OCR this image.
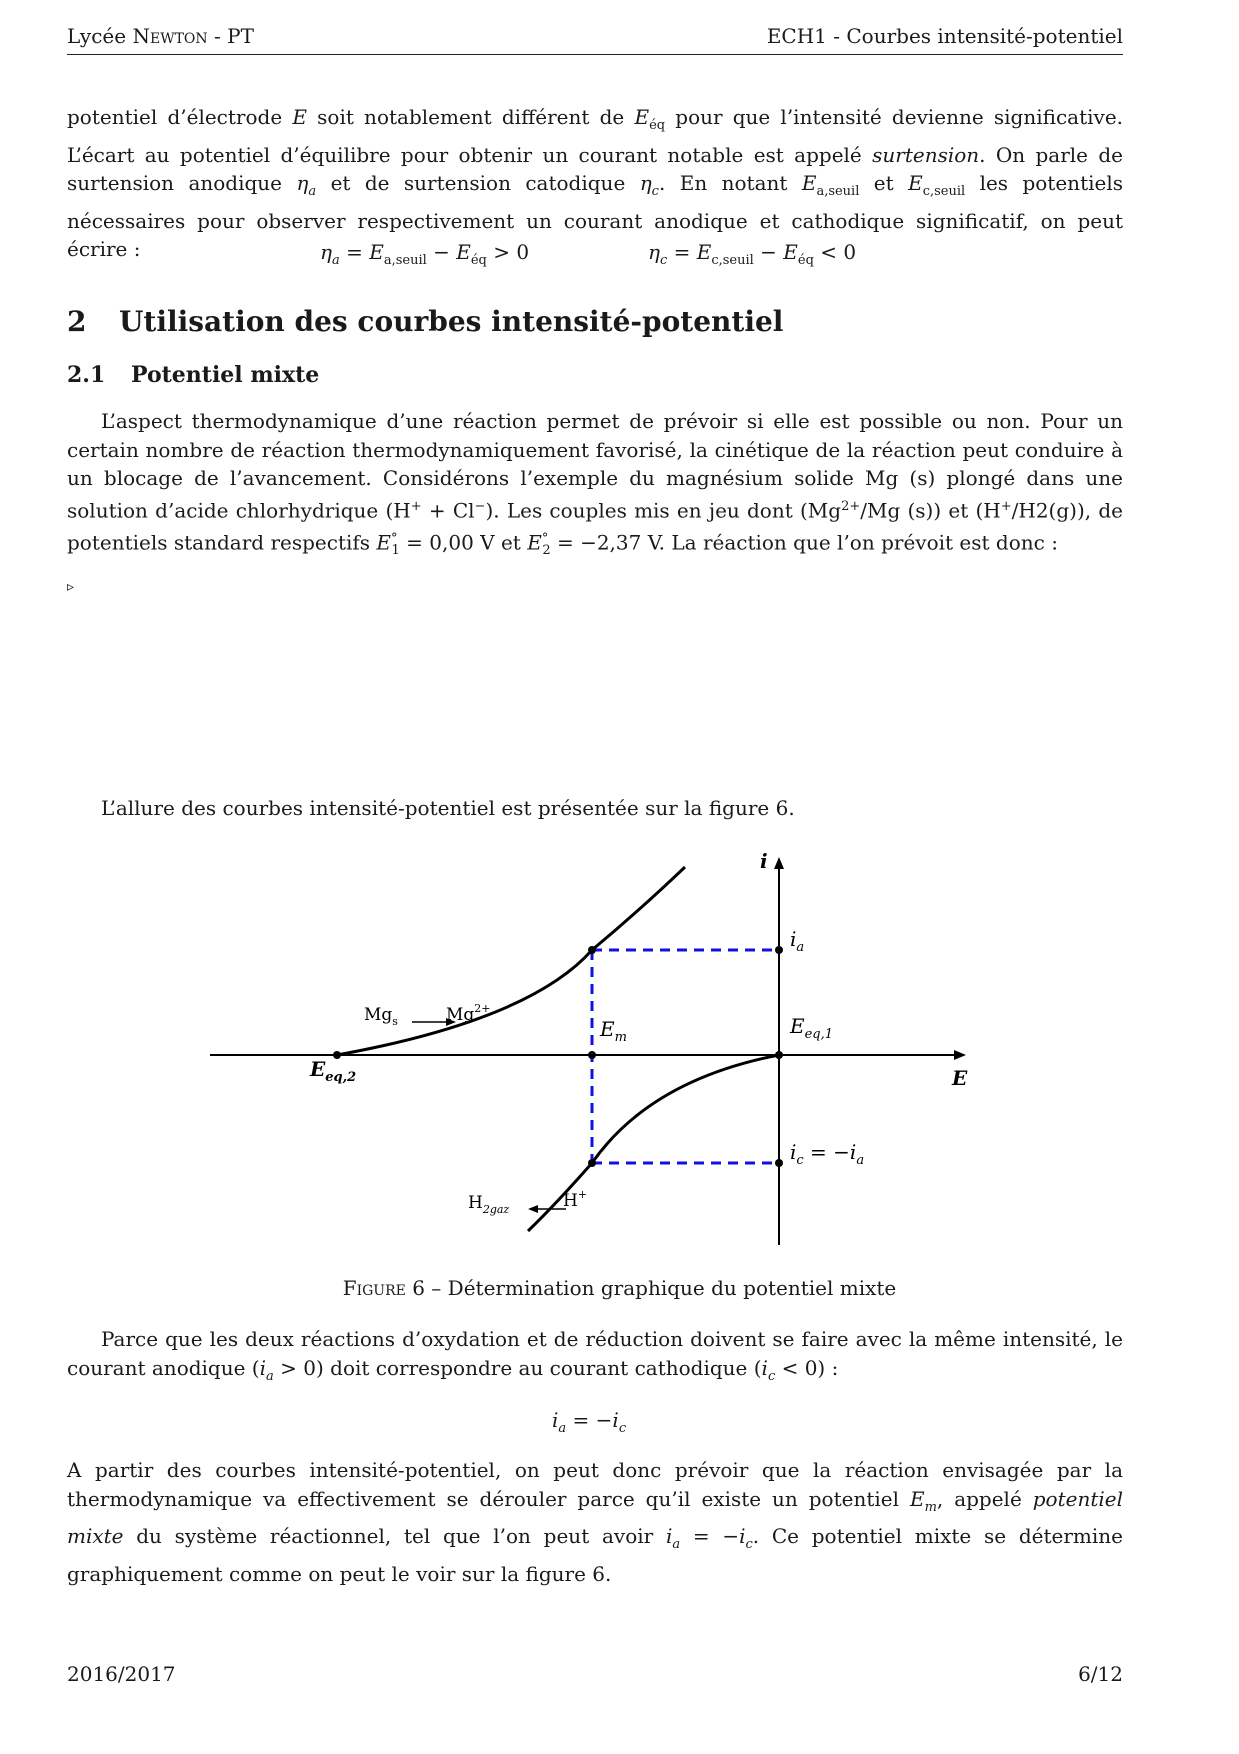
Lycée Newton - PT	ECH1 - Courbes intensité-potentiel

potentiel d’électrode E soit notablement différent de $E_{éq}$ pour que l’intensité devienne significative. L’écart au potentiel d’équilibre pour obtenir un courant notable est appelé surtension. On parle de surtension anodique $\eta_a$ et de surtension catodique $\eta_c$. En notant $E_{a,seuil}$ et $E_{c,seuil}$ les potentiels nécessaires pour observer respectivement un courant anodique et cathodique significatif, on peut écrire :	$\eta_a = E_{a,seuil} - E_{éq} > 0$	$\eta_c = E_{c,seuil} - E_{éq} < 0$
2 Utilisation des courbes intensité-potentiel
2.1 Potentiel mixte

L’aspect thermodynamique d’une réaction permet de prévoir si elle est possible ou non. Pour un certain nombre de réaction thermodynamiquement favorisé, la cinétique de la réaction peut conduire à un blocage de l’avancement. Considérons l’exemple du magnésium solide Mg (s) plongé dans une solution d’acide chlorhydrique (H+ + Cl−). Les couples mis en jeu dont ($Mg^{2+}/Mg$ (s)) et (H+/H2(g)), de potentiels standard respectifs $E^\circ_1 = 0,00$ V et $E^\circ_2 = -2,37$ V. La réaction que l’on prévoit est donc :

▹

L’allure des courbes intensité-potentiel est présentée sur la figure 6.

i
E
$i_a$
$i_c = -i_a$
$E_m$	$E_{eq,1}$
$E_{eq,2}$
$Mg_s$	$Mg^{2+}$
$H_{2gaz}$	H+
Figure 6 – Détermination graphique du potentiel mixte

Parce que les deux réactions d’oxydation et de réduction doivent se faire avec la même intensité, le courant anodique $(i_a > 0)$ doit correspondre au courant cathodique $(i_c < 0)$ :

$i_a = -i_c$

A partir des courbes intensité-potentiel, on peut donc prévoir que la réaction envisagée par la thermodynamique va effectivement se dérouler parce qu’il existe un potentiel $E_m$, appelé potentiel mixte du système réactionnel, tel que l’on peut avoir $i_a = -i_c$. Ce potentiel mixte se détermine graphiquement comme on peut le voir sur la figure 6.

2016/2017	6/12
